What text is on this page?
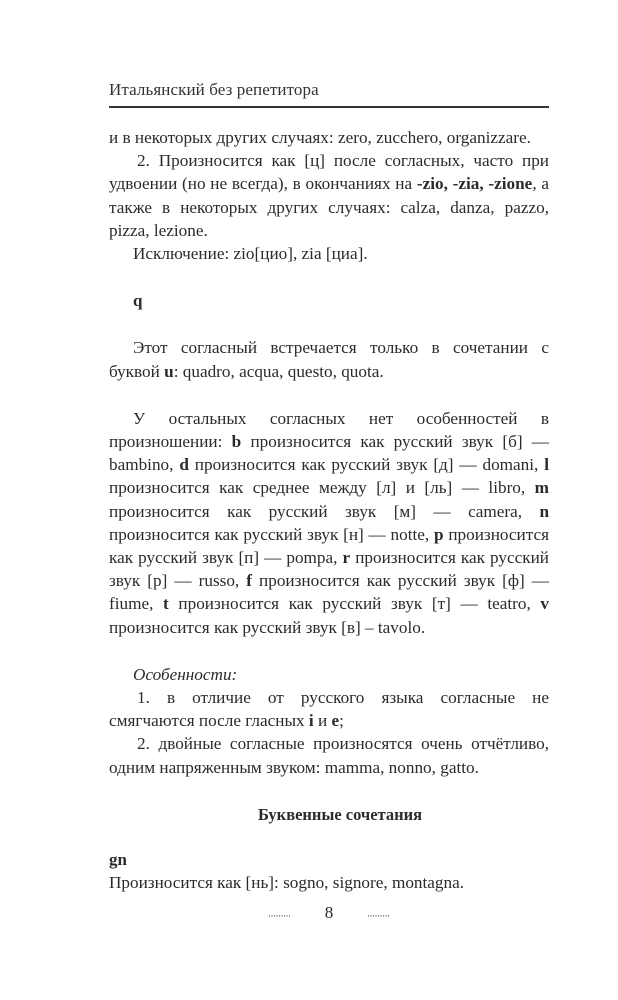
Итальянский без репетитора

и в некоторых других случаях: zero, zucchero, organizzare.

2. Произносится как [ц] после согласных, часто при удвоении (но не всегда), в окончаниях на -zio, -zia, -zione, а также в некоторых других случаях: calza, danza, pazzo, pizza, lezione.

Исключение: zio[цио], zia [циа].

q

Этот согласный встречается только в сочетании с буквой u: quadro, acqua, questo, quota.

У остальных согласных нет особенностей в произношении: b произносится как русский звук [б] — bambino, d произносится как русский звук [д] — domani, l произносится как среднее между [л] и [ль] — libro, m произносится как русский звук [м] — camera, n произносится как русский звук [н] — notte, p произносится как русский звук [п] — pompa, r произносится как русский звук [р] — russo, f произносится как русский звук [ф] — fiume, t произносится как русский звук [т] — teatro, v произносится как русский звук [в] – tavolo.

Особенности:

1. в отличие от русского языка согласные не смягчаются после гласных i и e;

2. двойные согласные произносятся очень отчётливо, одним напряженным звуком: mamma, nonno, gatto.

Буквенные сочетания
gn

Произносится как [нь]: sogno, signore, montagna.

......... 8	.........
